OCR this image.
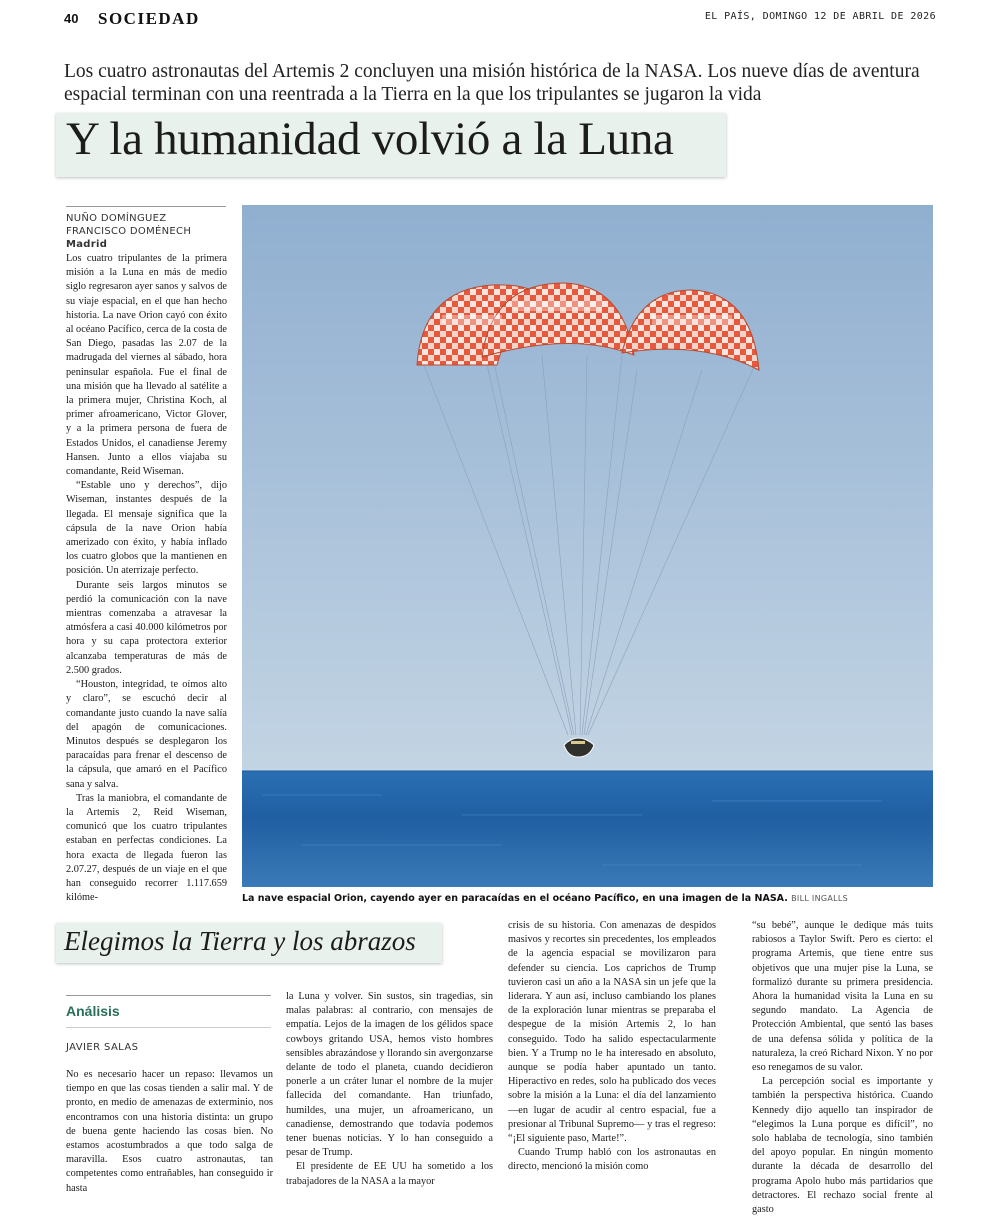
40 SOCIEDAD	EL PAÍS, DOMINGO 12 DE ABRIL DE 2026
Los cuatro astronautas del Artemis 2 concluyen una misión histórica de la NASA. Los nueve días de aventura espacial terminan con una reentrada a la Tierra en la que los tripulantes se jugaron la vida
Y la humanidad volvió a la Luna
NUÑO DOMÍNGUEZ
FRANCISCO DOMÉNECH
Madrid

Los cuatro tripulantes de la primera misión a la Luna en más de medio siglo regresaron ayer sanos y salvos de su viaje espacial, en el que han hecho historia. La nave Orion cayó con éxito al océano Pacífico, cerca de la costa de San Diego, pasadas las 2.07 de la madrugada del viernes al sábado, hora peninsular española. Fue el final de una misión que ha llevado al satélite a la primera mujer, Christina Koch, al primer afroamericano, Victor Glover, y a la primera persona de fuera de Estados Unidos, el canadiense Jeremy Hansen. Junto a ellos viajaba su comandante, Reid Wiseman.

“Estable uno y derechos”, dijo Wiseman, instantes después de la llegada. El mensaje significa que la cápsula de la nave Orion había amerizado con éxito, y había inflado los cuatro globos que la mantienen en posición. Un aterrizaje perfecto.

Durante seis largos minutos se perdió la comunicación con la nave mientras comenzaba a atravesar la atmósfera a casi 40.000 kilómetros por hora y su capa protectora exterior alcanzaba temperaturas de más de 2.500 grados.

“Houston, integridad, te oímos alto y claro”, se escuchó decir al comandante justo cuando la nave salía del apagón de comunicaciones. Minutos después se desplegaron los paracaídas para frenar el descenso de la cápsula, que amaró en el Pacífico sana y salva.

Tras la maniobra, el comandante de la Artemis 2, Reid Wiseman, comunicó que los cuatro tripulantes estaban en perfectas condiciones. La hora exacta de llegada fueron las 2.07.27, después de un viaje en el que han conseguido recorrer 1.117.659 kilóme-	La nave espacial Orion, cayendo ayer en paracaídas en el océano Pacífico, en una imagen de la NASA. BILL INGALLS
Elegimos la Tierra y los abrazos
Análisis
JAVIER SALAS

No es necesario hacer un repaso: llevamos un tiempo en que las cosas tienden a salir mal. Y de pronto, en medio de amenazas de exterminio, nos encontramos con una historia distinta: un grupo de buena gente haciendo las cosas bien. No estamos acostumbrados a que todo salga de maravilla. Esos cuatro astronautas, tan competentes como entrañables, han conseguido ir hasta

la Luna y volver. Sin sustos, sin tragedias, sin malas palabras: al contrario, con mensajes de empatía. Lejos de la imagen de los gélidos space cowboys gritando USA, hemos visto hombres sensibles abrazándose y llorando sin avergonzarse delante de todo el planeta, cuando decidieron ponerle a un cráter lunar el nombre de la mujer fallecida del comandante. Han triunfado, humildes, una mujer, un afroamericano, un canadiense, demostrando que todavía podemos tener buenas noticias. Y lo han conseguido a pesar de Trump.

El presidente de EE UU ha sometido a los trabajadores de la NASA a la mayor

crisis de su historia. Con amenazas de despidos masivos y recortes sin precedentes, los empleados de la agencia espacial se movilizaron para defender su ciencia. Los caprichos de Trump tuvieron casi un año a la NASA sin un jefe que la liderara. Y aun así, incluso cambiando los planes de la exploración lunar mientras se preparaba el despegue de la misión Artemis 2, lo han conseguido. Todo ha salido espectacularmente bien. Y a Trump no le ha interesado en absoluto, aunque se podía haber apuntado un tanto. Hiperactivo en redes, solo ha publicado dos veces sobre la misión a la Luna: el día del lanzamiento —en lugar de acudir al centro espacial, fue a presionar al Tribunal Supremo— y tras el regreso: “¡El siguiente paso, Marte!”.

Cuando Trump habló con los astronautas en directo, mencionó la misión como

“su bebé”, aunque le dedique más tuits rabiosos a Taylor Swift. Pero es cierto: el programa Artemis, que tiene entre sus objetivos que una mujer pise la Luna, se formalizó durante su primera presidencia. Ahora la humanidad visita la Luna en su segundo mandato. La Agencia de Protección Ambiental, que sentó las bases de una defensa sólida y política de la naturaleza, la creó Richard Nixon. Y no por eso renegamos de su valor.

La percepción social es importante y también la perspectiva histórica. Cuando Kennedy dijo aquello tan inspirador de “elegimos la Luna porque es difícil”, no solo hablaba de tecnología, sino también del apoyo popular. En ningún momento durante la década de desarrollo del programa Apolo hubo más partidarios que detractores. El rechazo social frente al gasto
